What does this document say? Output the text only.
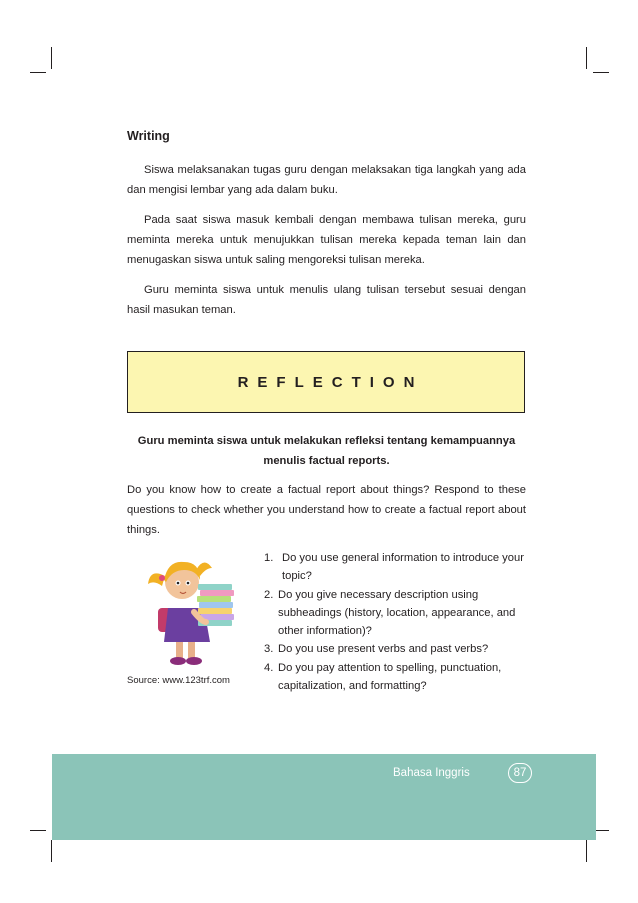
Writing

Siswa melaksanakan tugas guru dengan melaksakan tiga langkah yang ada dan mengisi lembar yang ada dalam buku.

Pada saat siswa masuk kembali dengan membawa tulisan mereka, guru meminta mereka untuk menujukkan tulisan mereka kepada teman lain dan menugaskan siswa untuk saling mengoreksi tulisan mereka.

Guru meminta siswa untuk menulis ulang tulisan tersebut sesuai dengan hasil masukan teman.

REFLECTION
Guru meminta siswa untuk melakukan refleksi tentang kemampuannya menulis factual reports.
Do you know how to create a factual report about things? Respond to these questions to check whether you understand how to create a factual report about things.
Source: www.123trf.com
1. Do you use general information to introduce your topic?
2. Do you give necessary description using subheadings (history, location, appearance, and other information)?
3. Do you use present verbs and past verbs?
4. Do you pay attention to spelling, punctuation, capitalization, and formatting?
Bahasa Inggris	87
